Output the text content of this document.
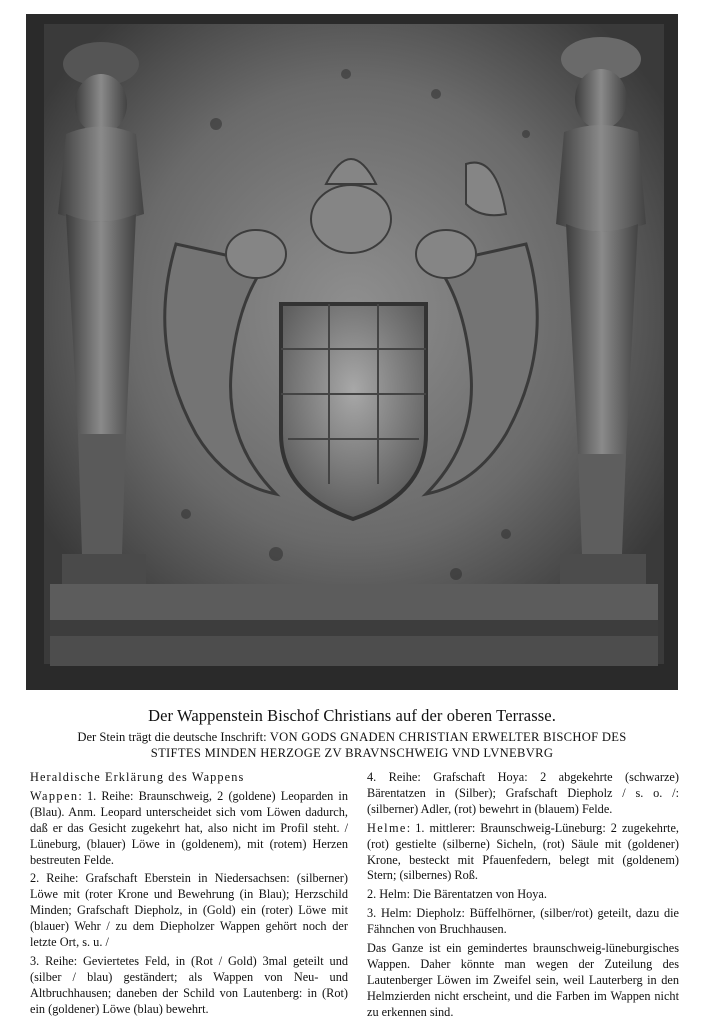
Der Wappenstein Bischof Christians auf der oberen Terrasse.
Der Stein trägt die deutsche Inschrift: VON GODS GNADEN CHRISTIAN ERWELTER BISCHOF DES
STIFTES MINDEN HERZOGE ZV BRAVNSCHWEIG VND LVNEBVRG

Heraldische Erklärung des Wappens

Wappen: 1. Reihe: Braunschweig, 2 (goldene) Leoparden in (Blau). Anm. Leopard unterscheidet sich vom Löwen dadurch, daß er das Gesicht zugekehrt hat, also nicht im Profil steht. / Lüneburg, (blauer) Löwe in (goldenem), mit (rotem) Herzen bestreuten Felde.

2. Reihe: Grafschaft Eberstein in Niedersachsen: (silberner) Löwe mit (roter Krone und Bewehrung (in Blau); Herzschild Minden; Grafschaft Diepholz, in (Gold) ein (roter) Löwe mit (blauer) Wehr / zu dem Diepholzer Wappen gehört noch der letzte Ort, s. u. /

3. Reihe: Geviertetes Feld, in (Rot / Gold) 3mal geteilt und (silber / blau) geständert; als Wappen von Neu- und Altbruchhausen; daneben der Schild von Lautenberg: in (Rot) ein (goldener) Löwe (blau) bewehrt.

4. Reihe: Grafschaft Hoya: 2 abgekehrte (schwarze) Bärentatzen in (Silber); Grafschaft Diepholz / s. o. /: (silberner) Adler, (rot) bewehrt in (blauem) Felde.

Helme: 1. mittlerer: Braunschweig-Lüneburg: 2 zugekehrte, (rot) gestielte (silberne) Sicheln, (rot) Säule mit (goldener) Krone, besteckt mit Pfauenfedern, belegt mit (goldenem) Stern; (silbernes) Roß.

2. Helm: Die Bärentatzen von Hoya.

3. Helm: Diepholz: Büffelhörner, (silber/rot) geteilt, dazu die Fähnchen von Bruchhausen.

Das Ganze ist ein gemindertes braunschweig-lüneburgisches Wappen. Daher könnte man wegen der Zuteilung des Lautenberger Löwen im Zweifel sein, weil Lauterberg in den Helmzierden nicht erscheint, und die Farben im Wappen nicht zu erkennen sind.
